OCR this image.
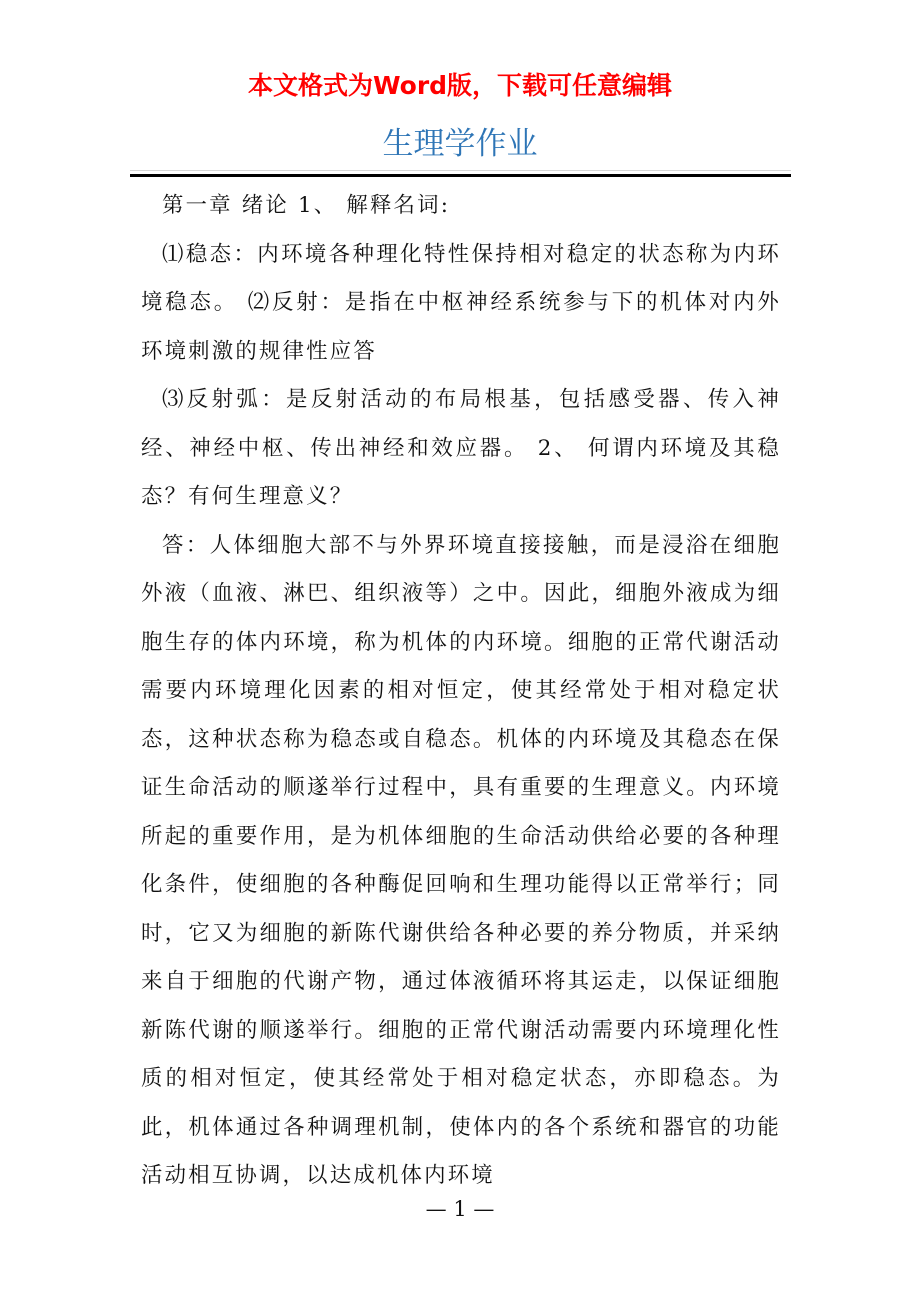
本文格式为Word版，下载可任意编辑
生理学作业

第一章 绪论 1、 解释名词:

⑴稳态：内环境各种理化特性保持相对稳定的状态称为内环境稳态。 ⑵反射：是指在中枢神经系统参与下的机体对内外环境刺激的规律性应答

⑶反射弧：是反射活动的布局根基，包括感受器、传入神经、神经中枢、传出神经和效应器。 2、 何谓内环境及其稳态？有何生理意义？

答：人体细胞大部不与外界环境直接接触，而是浸浴在细胞外液（血液、淋巴、组织液等）之中。因此，细胞外液成为细胞生存的体内环境，称为机体的内环境。细胞的正常代谢活动需要内环境理化因素的相对恒定，使其经常处于相对稳定状态，这种状态称为稳态或自稳态。机体的内环境及其稳态在保证生命活动的顺遂举行过程中，具有重要的生理意义。内环境所起的重要作用，是为机体细胞的生命活动供给必要的各种理化条件，使细胞的各种酶促回响和生理功能得以正常举行；同时，它又为细胞的新陈代谢供给各种必要的养分物质，并采纳来自于细胞的代谢产物，通过体液循环将其运走，以保证细胞新陈代谢的顺遂举行。细胞的正常代谢活动需要内环境理化性质的相对恒定，使其经常处于相对稳定状态，亦即稳态。为此，机体通过各种调理机制，使体内的各个系统和器官的功能活动相互协调，以达成机体内环境

— 1 —
